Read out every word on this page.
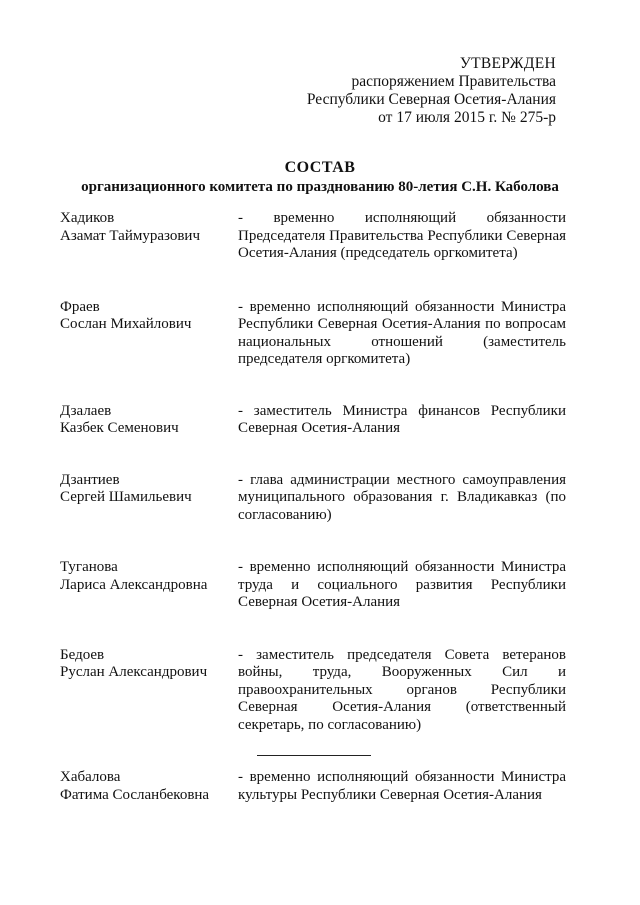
УТВЕРЖДЕН
распоряжением Правительства
Республики Северная Осетия-Алания
от 17 июля 2015 г. № 275-р
СОСТАВ
организационного комитета по празднованию 80-летия С.Н. Каболова
Хадиков
Азамат Таймуразович
- временно исполняющий обязанности Председателя Правительства Республики Северная Осетия-Алания (председатель оргкомитета)
Фраев
Сослан Михайлович
- временно исполняющий обязанности Министра Республики Северная Осетия-Алания по вопросам национальных отношений (заместитель председателя оргкомитета)
Дзалаев
Казбек Семенович
- заместитель Министра финансов Республики Северная Осетия-Алания
Дзантиев
Сергей Шамильевич
- глава администрации местного самоуправления муниципального образования г. Владикавказ (по согласованию)
Туганова
Лариса Александровна
- временно исполняющий обязанности Министра труда и социального развития Республики Северная Осетия-Алания
Бедоев
Руслан Александрович
- заместитель председателя Совета ветеранов войны, труда, Вооруженных Сил и правоохранительных органов Республики Северная Осетия-Алания (ответственный секретарь, по согласованию)
Хабалова
Фатима Сосланбековна
- временно исполняющий обязанности Министра культуры Республики Северная Осетия-Алания
